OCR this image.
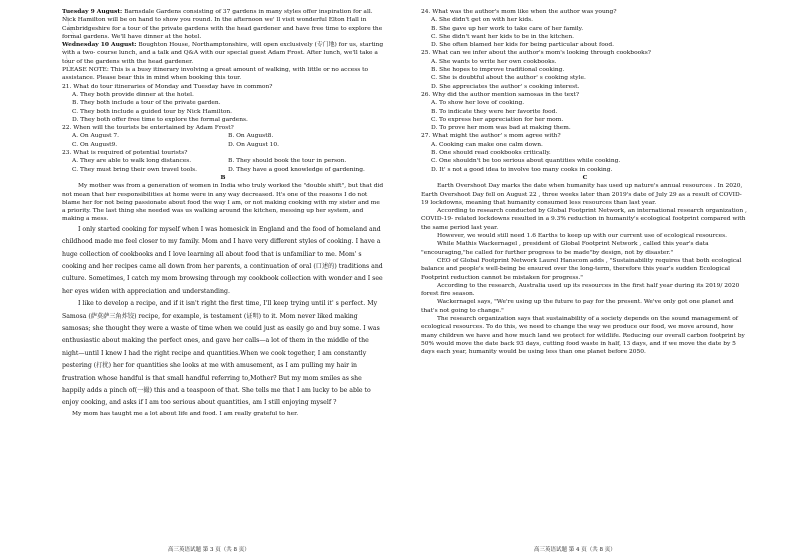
Tuesday 9 August: Barnsdale Gardens consisting of 37 gardens in many styles offer inspiration for all. Nick Hamilton will be on hand to show you round. In the afternoon we' ll visit wonderful Elton Hall in Cambridgeshire for a tour of the private gardens with the head gardener and have free time to explore the formal gardens. We'll have dinner at the hotel.

Wednesday 10 August: Boughton House, Northamptonshire, will open exclusively (专门地) for us, starting with a two- course lunch, and a talk and Q&A with our special guest Adam Frost. After lunch, we'll take a tour of the gardens with the head gardener.

PLEASE NOTE: This is a busy itinerary involving a great amount of walking, with little or no access to assistance. Please bear this in mind when booking this tour.

21. What do tour itineraries of Monday and Tuesday have in common?

A. They both provide dinner at the hotel.

B. They both include a tour of the private garden.

C. They both include a guided tour by Nick Hamilton.

D. They both offer free time to explore the formal gardens.

22. When will the tourists be entertained by Adam Frost?

A. On August 7.	B. On August8.
C. On August9.	D. On August 10.

23. What is required of potential tourists?

A. They are able to walk long distances.	B. They should book the tour in person.
C. They must bring their own travel tools.	D. They have a good knowledge of gardening.

B

My mother was from a generation of women in India who truly worked the "double shift", but that did not mean that her responsibilities at home were in any way decreased. It's one of the reasons I do not blame her for not being passionate about food the way I am, or not making cooking with my sister and me a priority. The last thing she needed was us walking around the kitchen, messing up her system, and making a mess.

I only started cooking for myself when I was homesick in England and the food of homeland and childhood made me feel closer to my family. Mom and I have very different styles of cooking. I have a huge collection of cookbooks and I love learning all about food that is unfamiliar to me. Mom' s cooking and her recipes came all down from her parents, a continuation of oral (口述的) traditions and culture. Sometimes, I catch my mom browsing through my cookbook collection with wonder and I see her eyes widen with appreciation and understanding.

I like to develop a recipe, and if it isn't right the first time, I'll keep trying until it' s perfect. My Samosa (萨莫萨三角炸饺) recipe, for example, is testament (证明) to it. Mom never liked making samosas; she thought they were a waste of time when we could just as easily go and buy some. I was enthusiastic about making the perfect ones, and gave her calls—a lot of them in the middle of the night—until I knew I had the right recipe and quantities.When we cook together, I am constantly pestering (打扰) her for quantities she looks at me with amusement, as I am pulling my hair in frustration whose handful is that small handful referring to,Mother? But my mom smiles as she happily adds a pinch of(一撮) this and a teaspoon of that. She tells me that I am lucky to be able to enjoy cooking, and asks if I am too serious about quantities, am I still enjoying myself ?

My mom has taught me a lot about life and food. I am really grateful to her.

24. What was the author's mom like when the author was young?

A. She didn't get on with her kids.

B. She gave up her work to take care of her family.

C. She didn't want her kids to be in the kitchen.

D. She often blamed her kids for being particular about food.

25. What can we infer about the author's mom's looking through cookbooks?

A. She wants to write her own cookbooks.

B. She hopes to improve traditional cooking.

C. She is doubtful about the author' s cooking style.

D. She appreciates the author' s cooking interest.

26. Why did the author mention samosas in the text?

A. To show her love of cooking.

B. To indicate they were her favorite food.

C. To express her appreciation for her mom.

D. To prove her mom was bad at making them.

27. What might the author' s mom agree with?

A. Cooking can make one calm down.

B. One should read cookbooks critically.

C. One shouldn't be too serious about quantities while cooking.

D. It' s not a good idea to involve too many cooks in cooking.

C

Earth Overshoot Day marks the date when humanity has used up nature's annual resources . In 2020, Earth Overshoot Day fell on August 22 , three weeks later than 2019's date of July 29 as a result of COVID-19 lockdowns, meaning that humanity consumed less resources than last year.

According to research conducted by Global Footprint Network, an international research organization , COVID-19- related lockdowns resulted in a 9.3% reduction in humanity's ecological footprint compared with the same period last year.

However, we would still need 1.6 Earths to keep up with our current use of ecological resources.

While Mathis Wackernagel , president of Global Footprint Network , called this year's data "encouraging,"he called for further progress to be made"by design, not by disaster."

CEO of Global Footprint Network Laurel Hanscom adds , "Sustainability requires that both ecological balance and people's well-being be ensured over the long-term, therefore this year's sudden Ecological Footprint reduction cannot be mistaken for progress."

According to the research, Australia used up its resources in the first half year during its 2019/ 2020 forest fire season.

Wackernagel says, "We're using up the future to pay for the present. We've only got one planet and that's not going to change."

The research organization says that sustainability of a society depends on the sound management of ecological resources. To do this, we need to change the way we produce our food, we move around, how many children we have and how much land we protect for wildlife. Reducing our overall carbon footprint by 50% would move the date back 93 days, cutting food waste in half, 13 days, and if we move the date by 5 days each year, humanity would be using less than one planet before 2050.

高三英语试题 第 3 页（共 8 页）	高三英语试题 第 4 页（共 8 页）
